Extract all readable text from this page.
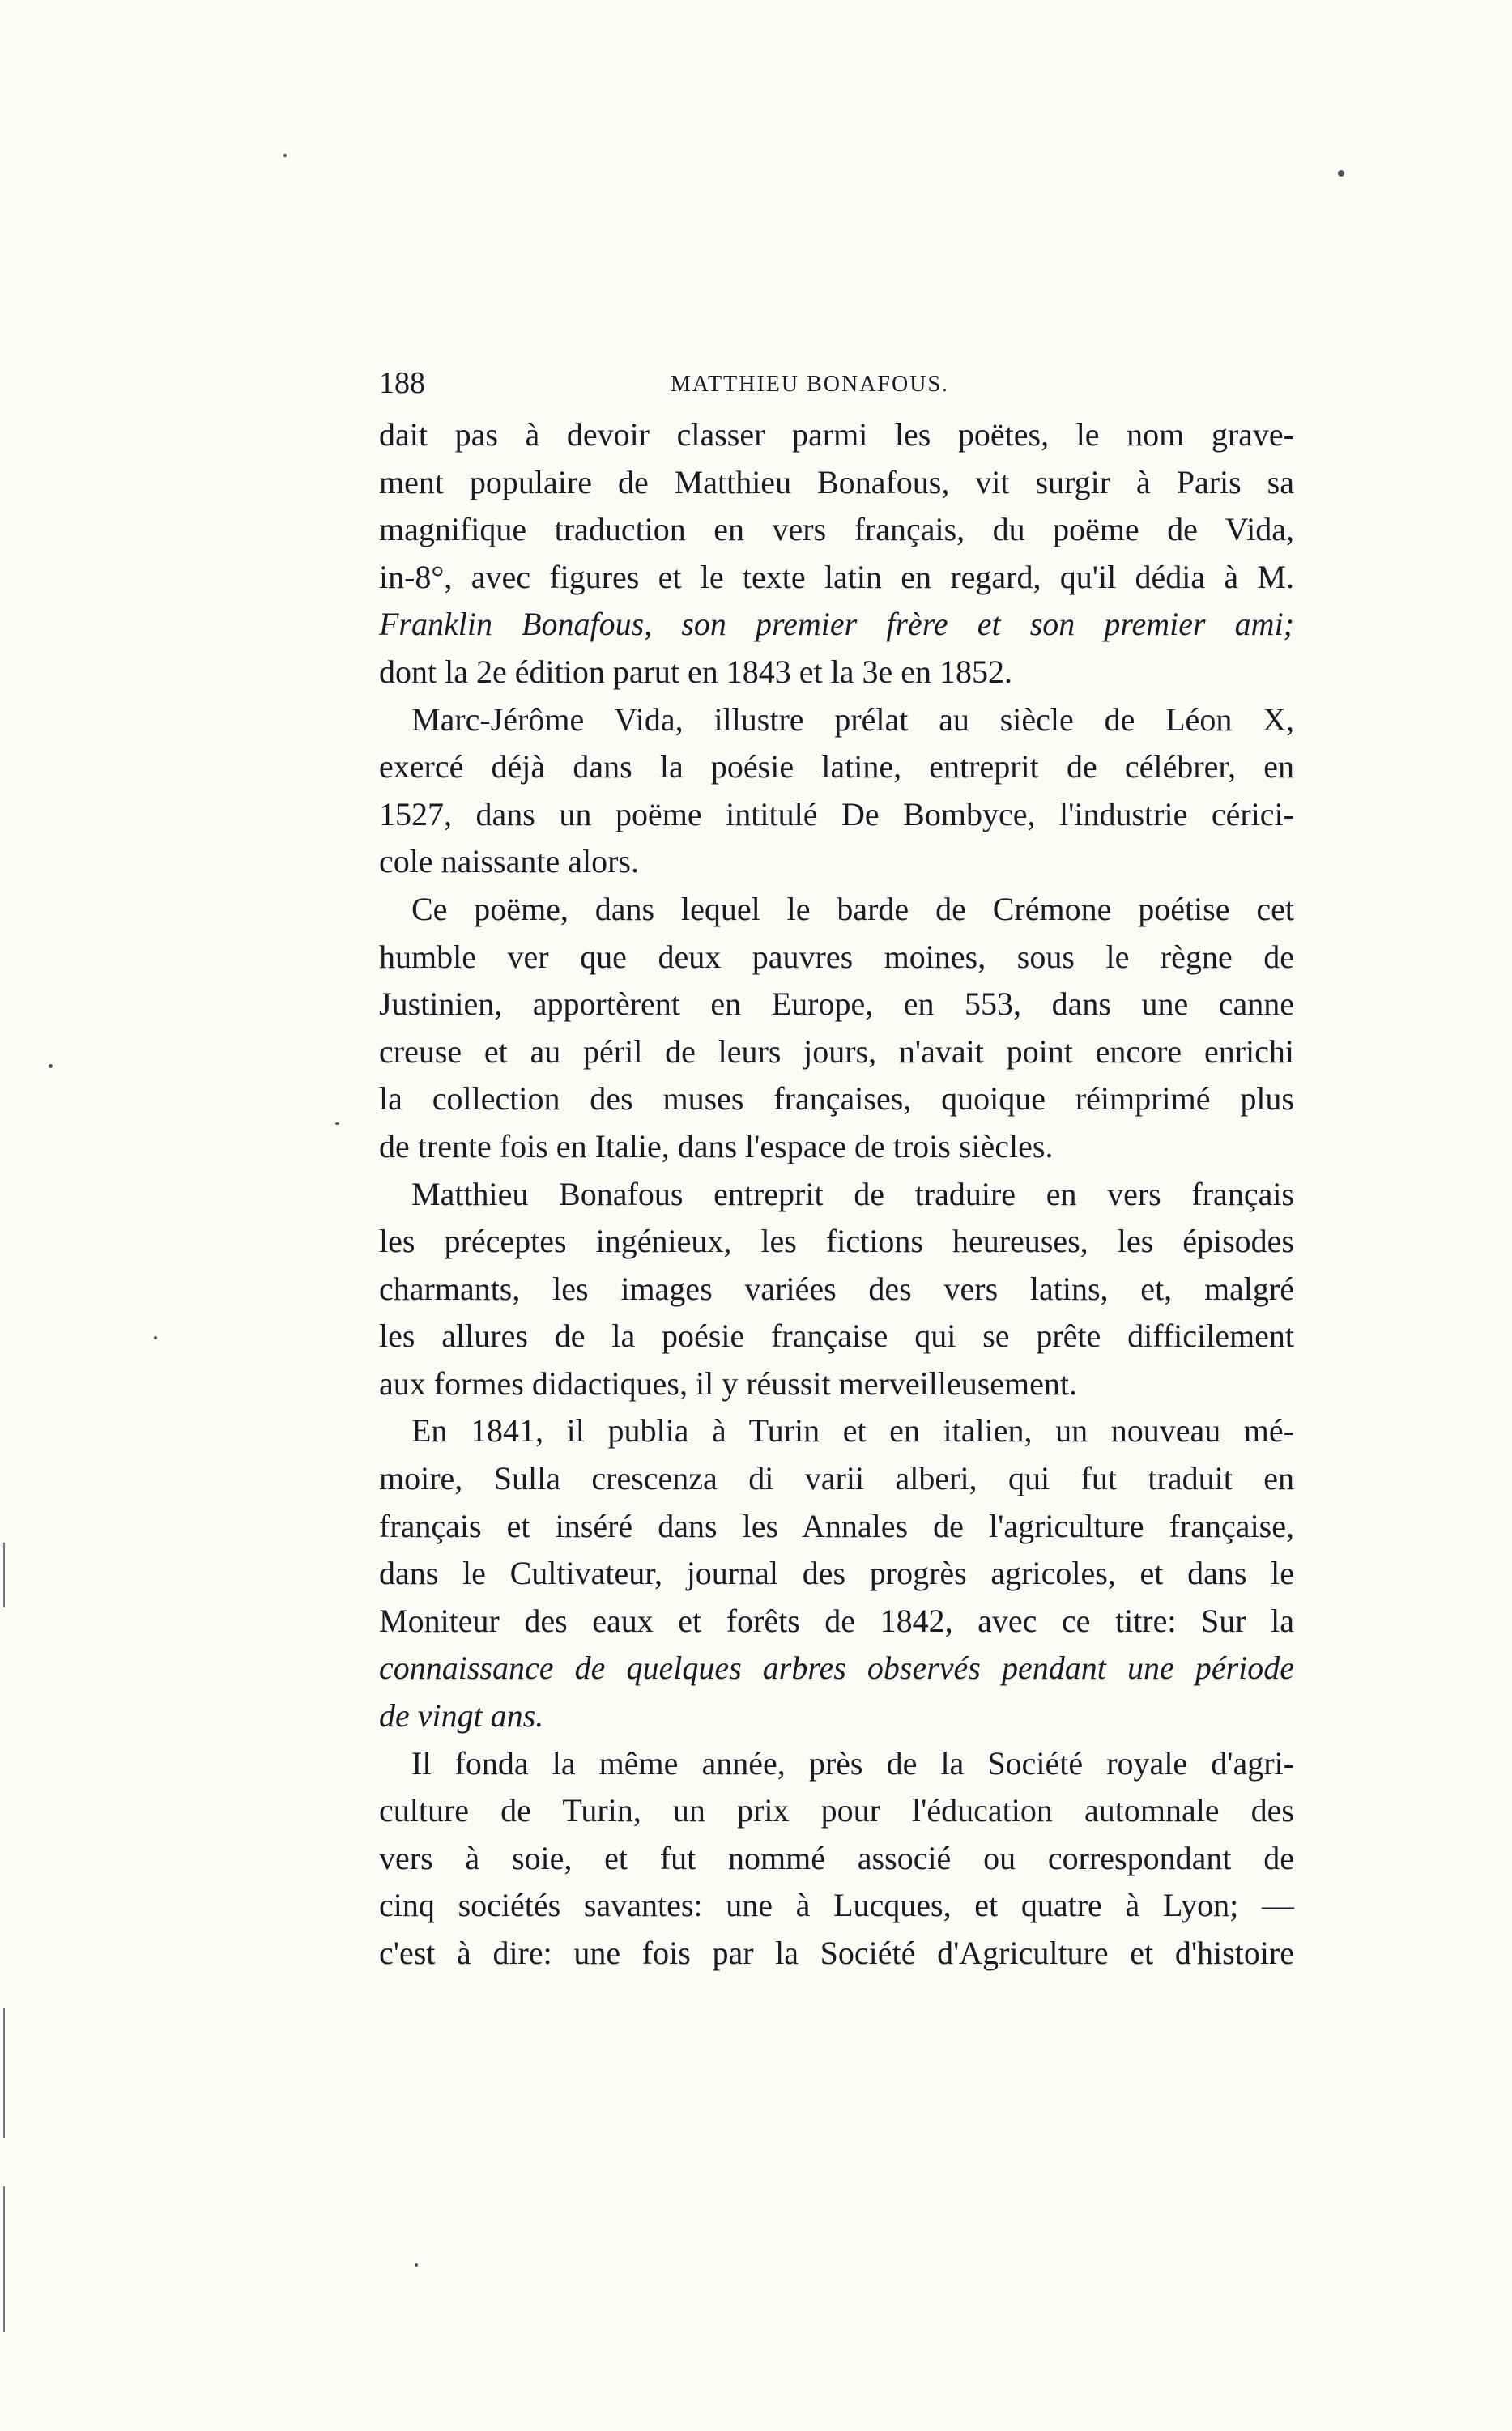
188	MATTHIEU BONAFOUS.
dait pas à devoir classer parmi les poëtes, le nom grave-
ment populaire de Matthieu Bonafous, vit surgir à Paris sa
magnifique traduction en vers français, du poëme de Vida,
in-8°, avec figures et le texte latin en regard, qu'il dédia à M.
Franklin Bonafous, son premier frère et son premier ami;
dont la 2e édition parut en 1843 et la 3e en 1852.
Marc-Jérôme Vida, illustre prélat au siècle de Léon X,
exercé déjà dans la poésie latine, entreprit de célébrer, en
1527, dans un poëme intitulé De Bombyce, l'industrie cérici-
cole naissante alors.
Ce poëme, dans lequel le barde de Crémone poétise cet
humble ver que deux pauvres moines, sous le règne de
Justinien, apportèrent en Europe, en 553, dans une canne
creuse et au péril de leurs jours, n'avait point encore enrichi
la collection des muses françaises, quoique réimprimé plus
de trente fois en Italie, dans l'espace de trois siècles.
Matthieu Bonafous entreprit de traduire en vers français
les préceptes ingénieux, les fictions heureuses, les épisodes
charmants, les images variées des vers latins, et, malgré
les allures de la poésie française qui se prête difficilement
aux formes didactiques, il y réussit merveilleusement.
En 1841, il publia à Turin et en italien, un nouveau mé-
moire, Sulla crescenza di varii alberi, qui fut traduit en
français et inséré dans les Annales de l'agriculture française,
dans le Cultivateur, journal des progrès agricoles, et dans le
Moniteur des eaux et forêts de 1842, avec ce titre: Sur la
connaissance de quelques arbres observés pendant une période
de vingt ans.
Il fonda la même année, près de la Société royale d'agri-
culture de Turin, un prix pour l'éducation automnale des
vers à soie, et fut nommé associé ou correspondant de
cinq sociétés savantes: une à Lucques, et quatre à Lyon; —
c'est à dire: une fois par la Société d'Agriculture et d'histoire
